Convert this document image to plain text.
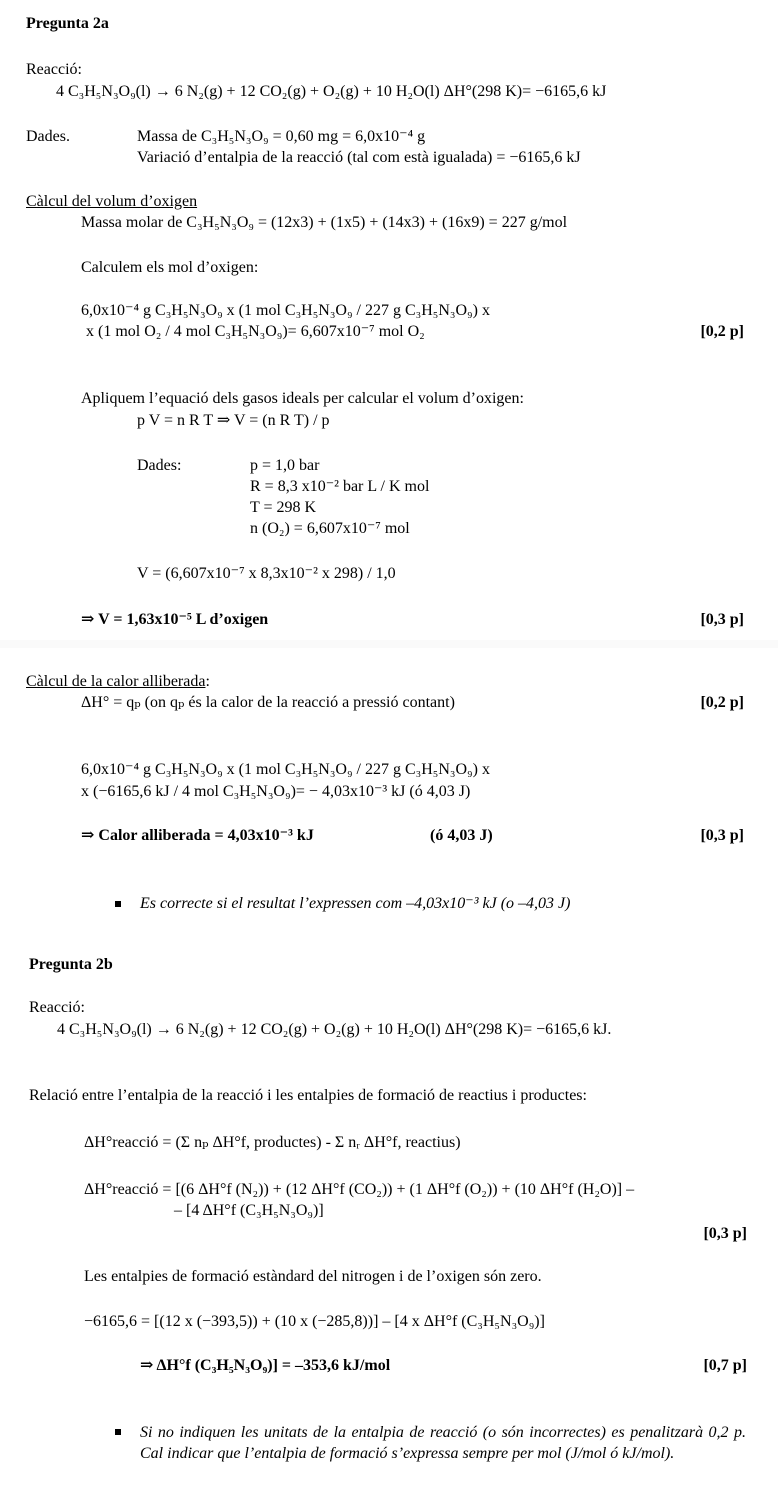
Pregunta 2a
Reacció:
4 C₃H₅N₃O₉(l) → 6 N₂(g) + 12 CO₂(g) + O₂(g) + 10 H₂O(l) ΔH°(298 K)= −6165,6 kJ
Dades.	Massa de C₃H₅N₃O₉ = 0,60 mg = 6,0x10⁻⁴ g
Variació d’entalpia de la reacció (tal com està igualada) = −6165,6 kJ
Càlcul del volum d’oxigen
Massa molar de C₃H₅N₃O₉ = (12x3) + (1x5) + (14x3) + (16x9) = 227 g/mol
Calculem els mol d’oxigen:
6,0x10⁻⁴ g C₃H₅N₃O₉ x (1 mol C₃H₅N₃O₉ / 227 g C₃H₅N₃O₉) x
x (1 mol O₂ / 4 mol C₃H₅N₃O₉)= 6,607x10⁻⁷ mol O₂	[0,2 p]
Apliquem l’equació dels gasos ideals per calcular el volum d’oxigen:
p V = n R T ⇒ V = (n R T) / p
Dades:	p = 1,0 bar
R = 8,3 x10⁻² bar L / K mol
T = 298 K
n (O₂) = 6,607x10⁻⁷ mol
V = (6,607x10⁻⁷ x 8,3x10⁻² x 298) / 1,0
⇒ V = 1,63x10⁻⁵ L d’oxigen	[0,3 p]
Càlcul de la calor alliberada:
ΔH° = qₚ (on qₚ és la calor de la reacció a pressió contant)	[0,2 p]
6,0x10⁻⁴ g C₃H₅N₃O₉ x (1 mol C₃H₅N₃O₉ / 227 g C₃H₅N₃O₉) x
x (−6165,6 kJ / 4 mol C₃H₅N₃O₉)= − 4,03x10⁻³ kJ (ó 4,03 J)
⇒ Calor alliberada = 4,03x10⁻³ kJ	(ó 4,03 J)	[0,3 p]
Es correcte si el resultat l’expressen com –4,03x10⁻³ kJ (o –4,03 J)
Pregunta 2b
Reacció:
4 C₃H₅N₃O₉(l) → 6 N₂(g) + 12 CO₂(g) + O₂(g) + 10 H₂O(l) ΔH°(298 K)= −6165,6 kJ.
Relació entre l’entalpia de la reacció i les entalpies de formació de reactius i productes:
ΔH°reacció = (Σ nₚ ΔH°f, productes) - Σ nᵣ ΔH°f, reactius)
ΔH°reacció = [(6 ΔH°f (N₂)) + (12 ΔH°f (CO₂)) + (1 ΔH°f (O₂)) + (10 ΔH°f (H₂O)] –
– [4 ΔH°f (C₃H₅N₃O₉)]
[0,3 p]
Les entalpies de formació estàndard del nitrogen i de l’oxigen són zero.
−6165,6 = [(12 x (−393,5)) + (10 x (−285,8))] – [4 x ΔH°f (C₃H₅N₃O₉)]
⇒ ΔH°f (C₃H₅N₃O₉)] = –353,6 kJ/mol	[0,7 p]
Si no indiquen les unitats de la entalpia de reacció (o són incorrectes) es penalitzarà 0,2 p. Cal indicar que l’entalpia de formació s’expressa sempre per mol (J/mol ó kJ/mol).
